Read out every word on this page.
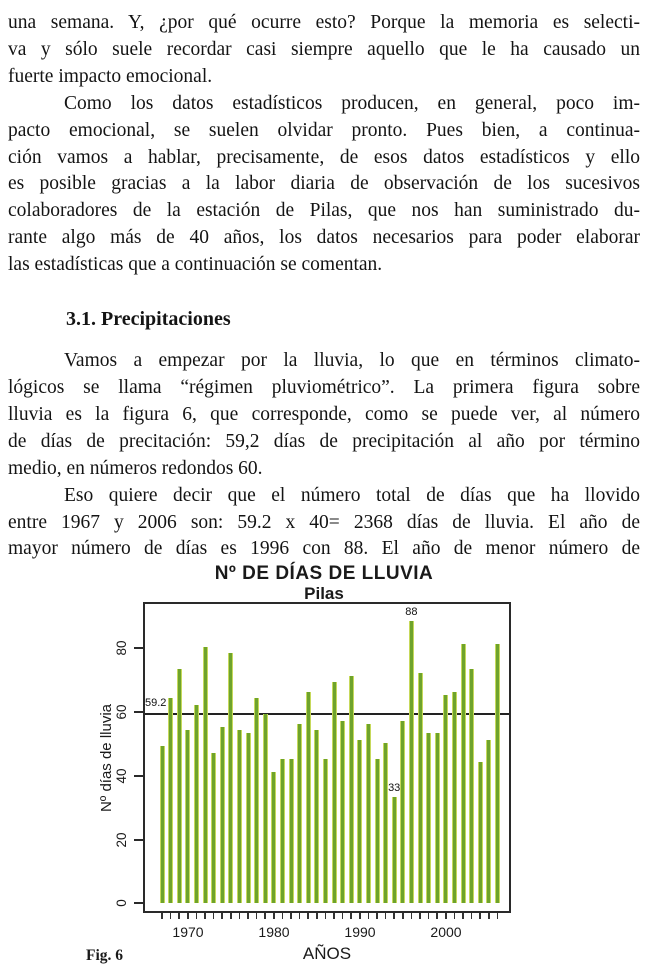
una semana. Y, ¿por qué ocurre esto? Porque la memoria es selecti-
va y sólo suele recordar casi siempre aquello que le ha causado un
fuerte impacto emocional.
Como los datos estadísticos producen, en general, poco im-
pacto emocional, se suelen olvidar pronto. Pues bien, a continua-
ción vamos a hablar, precisamente, de esos datos estadísticos y ello
es posible gracias a la labor diaria de observación de los sucesivos
colaboradores de la estación de Pilas, que nos han suministrado du-
rante algo más de 40 años, los datos necesarios para poder elaborar
las estadísticas que a continuación se comentan.
3.1. Precipitaciones
Vamos a empezar por la lluvia, lo que en términos climato-
lógicos se llama “régimen pluviométrico”. La primera figura sobre
lluvia es la figura 6, que corresponde, como se puede ver, al número
de días de precitación: 59,2 días de precipitación al año por término
medio, en números redondos 60.
Eso quiere decir que el número total de días que ha llovido
entre 1967 y 2006 son: 59.2 x 40= 2368 días de lluvia. El año de
mayor número de días es 1996 con 88. El año de menor número de
Nº DE DÍAS DE LLUVIA
Pilas
Nº días de lluvia
0
20
40
60
80
59.2
88
33
1970	1980	1990	2000
AÑOS
Fig. 6
